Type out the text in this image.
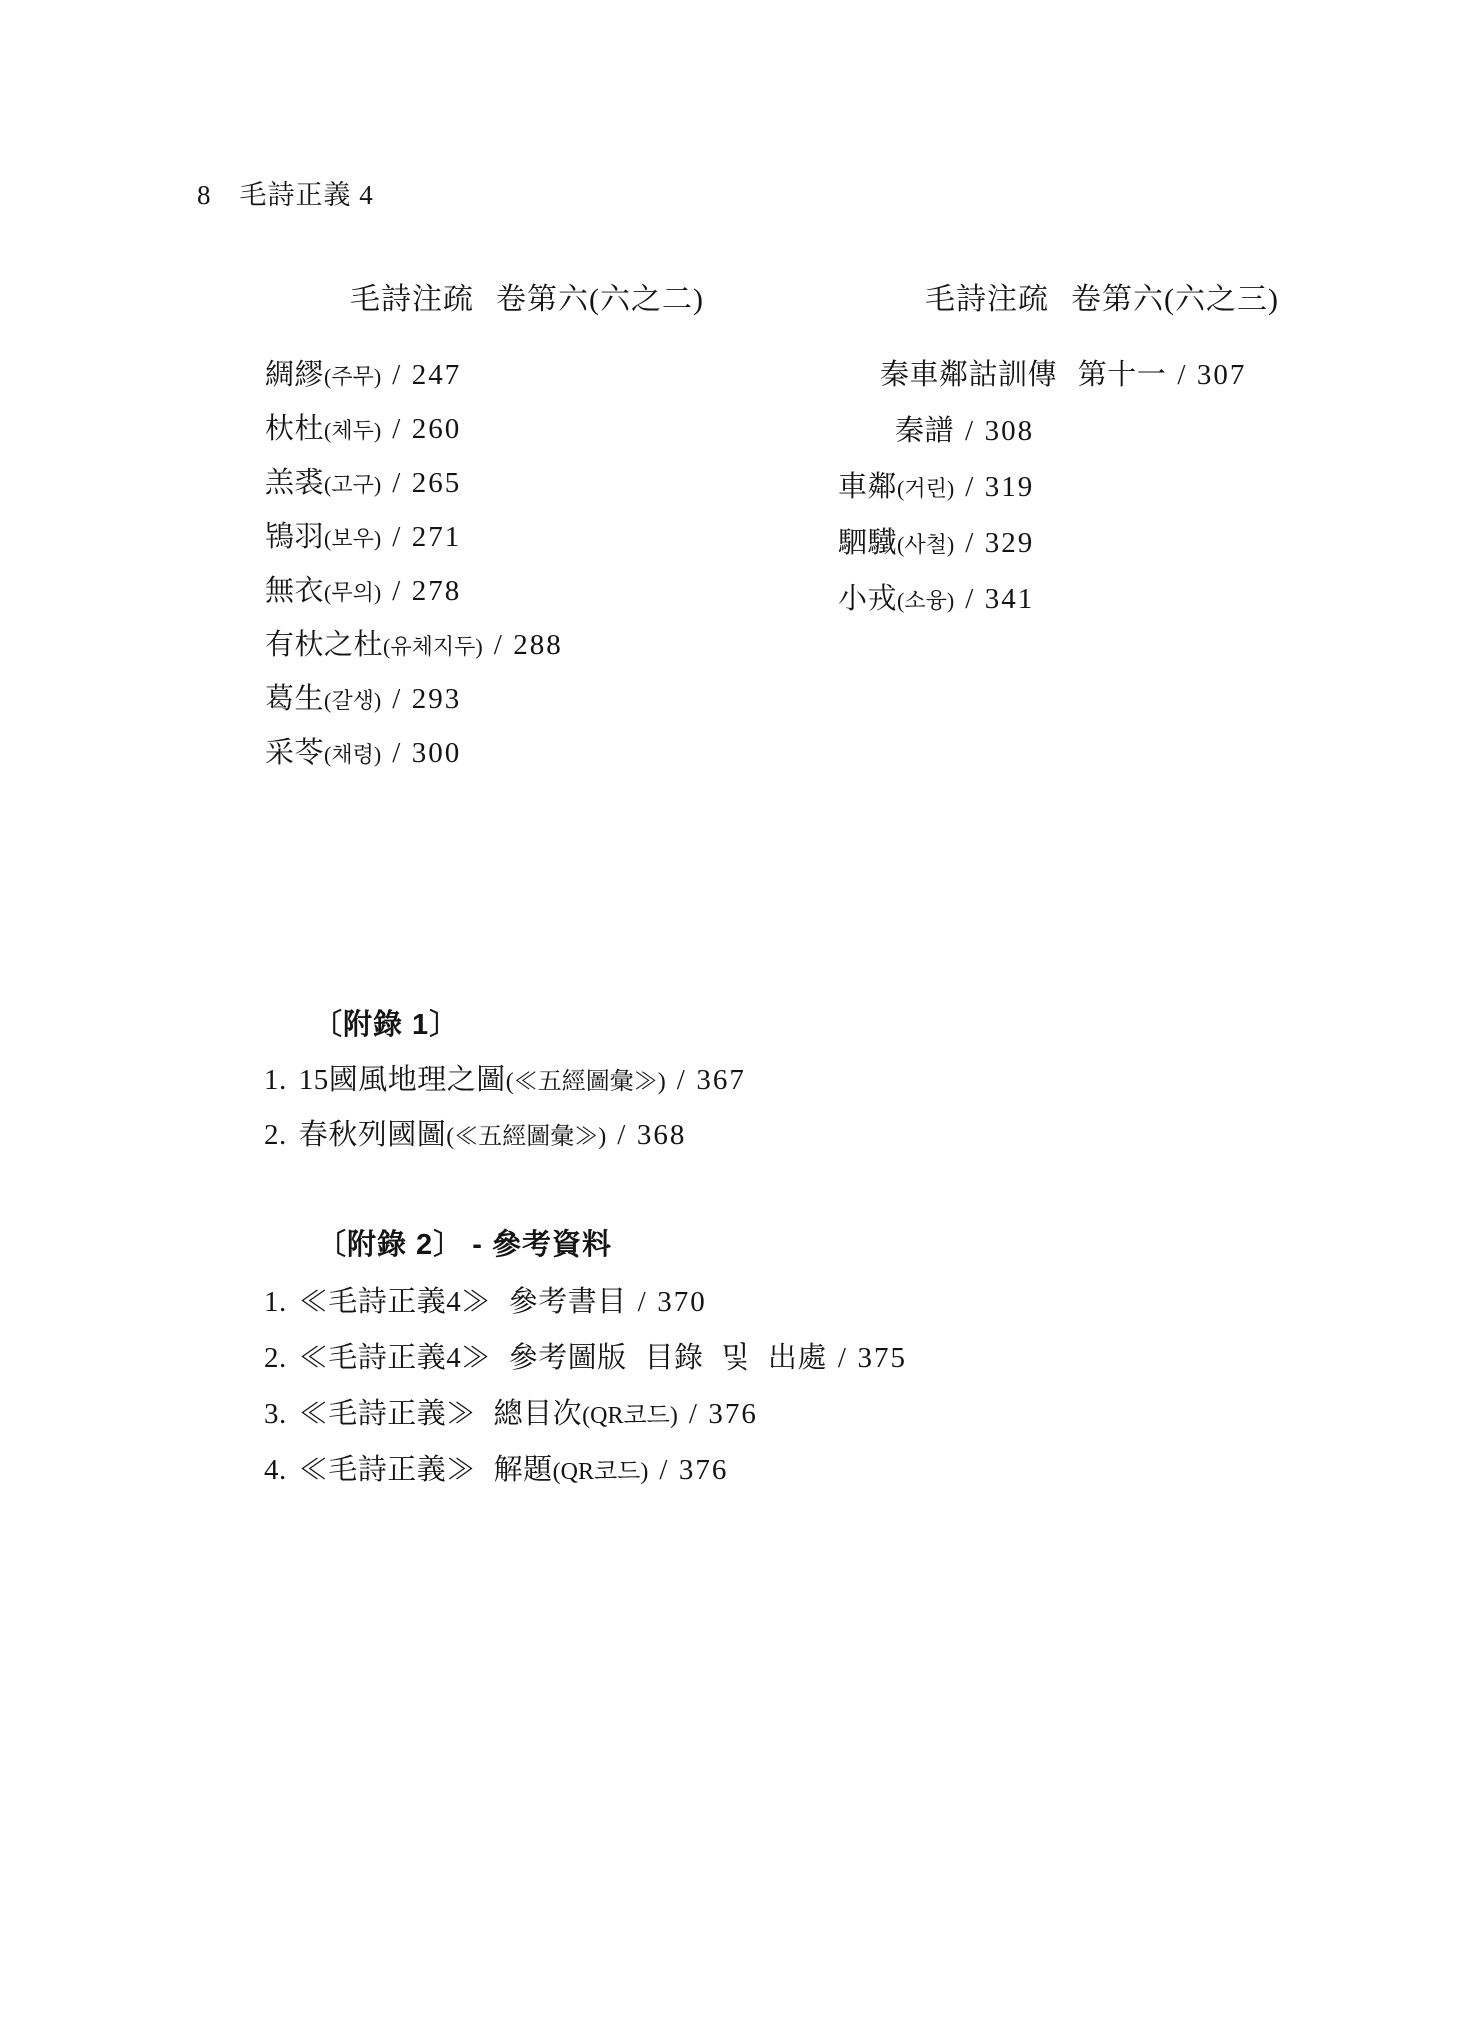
8 毛詩正義 4
毛詩注疏 卷第六(六之二)
綢繆(주무) / 247
杕杜(체두) / 260
羔裘(고구) / 265
鴇羽(보우) / 271
無衣(무의) / 278
有杕之杜(유체지두) / 288
葛生(갈생) / 293
采苓(채령) / 300
毛詩注疏 卷第六(六之三)
秦車鄰詁訓傳 第十一 / 307
秦譜 / 308
車鄰(거린) / 319
駟驖(사철) / 329
小戎(소융) / 341
〔附錄 1〕
1. 15國風地理之圖(≪五經圖彙≫) / 367
2. 春秋列國圖(≪五經圖彙≫) / 368
〔附錄 2〕 - 參考資料
1. ≪毛詩正義4≫ 參考書目 / 370
2. ≪毛詩正義4≫ 參考圖版 目錄 및 出處 / 375
3. ≪毛詩正義≫ 總目次(QR코드) / 376
4. ≪毛詩正義≫ 解題(QR코드) / 376
